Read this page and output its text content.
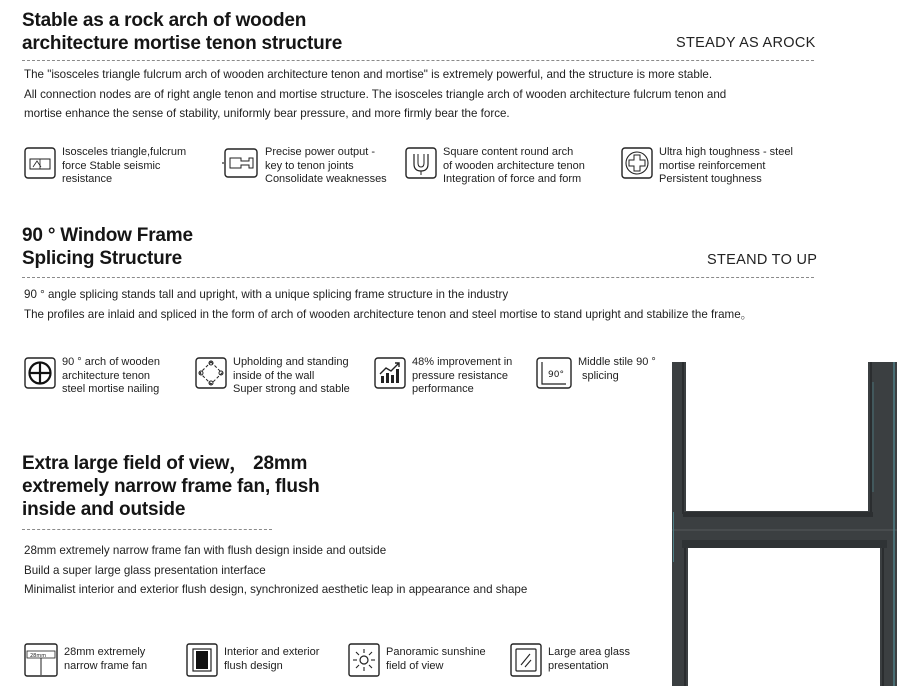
Stable as a rock arch of wooden
architecture mortise tenon structure	STEADY AS AROCK
The "isosceles triangle fulcrum arch of wooden architecture tenon and mortise" is extremely powerful, and the structure is more stable.
All connection nodes are of right angle tenon and mortise structure. The isosceles triangle arch of wooden architecture fulcrum tenon and
mortise enhance the sense of stability, uniformly bear pressure, and more firmly bear the force.
Isosceles triangle,fulcrum
force Stable seismic
resistance
Precise power output -
key to tenon joints
Consolidate weaknesses
Square content round arch
of wooden architecture tenon
Integration of force and form
Ultra high toughness - steel
mortise reinforcement
Persistent toughness
90 ° Window Frame
Splicing Structure	STEAND TO UP
90 ° angle splicing stands tall and upright, with a unique splicing frame structure in the industry
The profiles are inlaid and spliced in the form of arch of wooden architecture tenon and steel mortise to stand upright and stabilize the frame。
90 ° arch of wooden
architecture tenon
steel mortise nailing
Upholding and standing
inside of the wall
Super strong and stable
48% improvement in
pressure resistance
performance
90°
Middle stile 90 °
splicing
Extra large field of view， 28mm
extremely narrow frame fan, flush
inside and outside
28mm extremely narrow frame fan with flush design inside and outside
Build a super large glass presentation interface
Minimalist interior and exterior flush design, synchronized aesthetic leap in appearance and shape
28mm 28mm extremely
narrow frame fan
Interior and exterior
flush design
Panoramic sunshine
field of view
Large area glass
presentation
